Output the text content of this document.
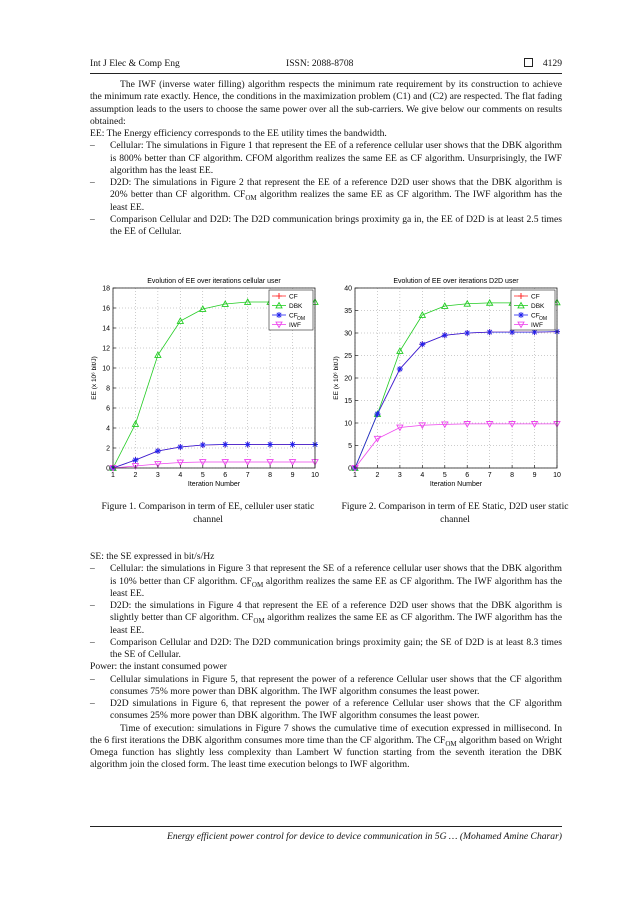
Int J Elec & Comp Eng	ISSN: 2088-8708	4129

The IWF (inverse water filling) algorithm respects the minimum rate requirement by its construction to achieve the minimum rate exactly. Hence, the conditions in the maximization problem (C1) and (C2) are respected. The flat fading assumption leads to the users to choose the same power over all the sub-carriers. We give below our comments on results obtained:

EE: The Energy efficiency corresponds to the EE utility times the bandwidth.

– Cellular: The simulations in Figure 1 that represent the EE of a reference cellular user shows that the DBK algorithm is 800% better than CF algorithm. CFOM algorithm realizes the same EE as CF algorithm. Unsurprisingly, the IWF algorithm has the least EE.
– D2D: The simulations in Figure 2 that represent the EE of a reference D2D user shows that the DBK algorithm is 20% better than CF algorithm. $CF_{OM}$ algorithm realizes the same EE as CF algorithm. The IWF algorithm has the least EE.
– Comparison Cellular and D2D: The D2D communication brings proximity ga in, the EE of D2D is at least 2.5 times the EE of Cellular.
1	2	3	4	5	6	7	8	9 10
0
2
4
6
8
10
12
14
16
18
Evolution of EE over iterations cellular user
Iteration Number
EE (x 10⁶ bit/J)
CF
DBK
CF OM
IWF
Figure 1. Comparison in term of EE, celluler user static channel
1	2	3	4	5	6	7	8	9 10
0
5
10
15
20
25
30
35
40
Evolution of EE over iterations D2D user
Iteration Number
EE (x 10⁶ bit/J)
CF
DBK
CF OM
IWF
Figure 2. Comparison in term of EE Static, D2D user static channel

SE: the SE expressed in bit/s/Hz

– Cellular: the simulations in Figure 3 that represent the SE of a reference cellular user shows that the DBK algorithm is 10% better than CF algorithm. $CF_{OM}$ algorithm realizes the same EE as CF algorithm. The IWF algorithm has the least EE.
– D2D: the simulations in Figure 4 that represent the EE of a reference D2D user shows that the DBK algorithm is slightly better than CF algorithm. $CF_{OM}$ algorithm realizes the same EE as CF algorithm. The IWF algorithm has the least EE.
– Comparison Cellular and D2D: The D2D communication brings proximity gain; the SE of D2D is at least 8.3 times the SE of Cellular.

Power: the instant consumed power

– Cellular simulations in Figure 5, that represent the power of a reference Cellular user shows that the CF algorithm consumes 75% more power than DBK algorithm. The IWF algorithm consumes the least power.
– D2D simulations in Figure 6, that represent the power of a reference Cellular user shows that the CF algorithm consumes 25% more power than DBK algorithm. The IWF algorithm consumes the least power.

Time of execution: simulations in Figure 7 shows the cumulative time of execution expressed in millisecond. In the 6 first iterations the DBK algorithm consumes more time than the CF algorithm. The $CF_{OM}$ algorithm based on Wright Omega function has slightly less complexity than Lambert W function starting from the seventh iteration the DBK algorithm join the closed form. The least time execution belongs to IWF algorithm.

Energy efficient power control for device to device communication in 5G … (Mohamed Amine Charar)
